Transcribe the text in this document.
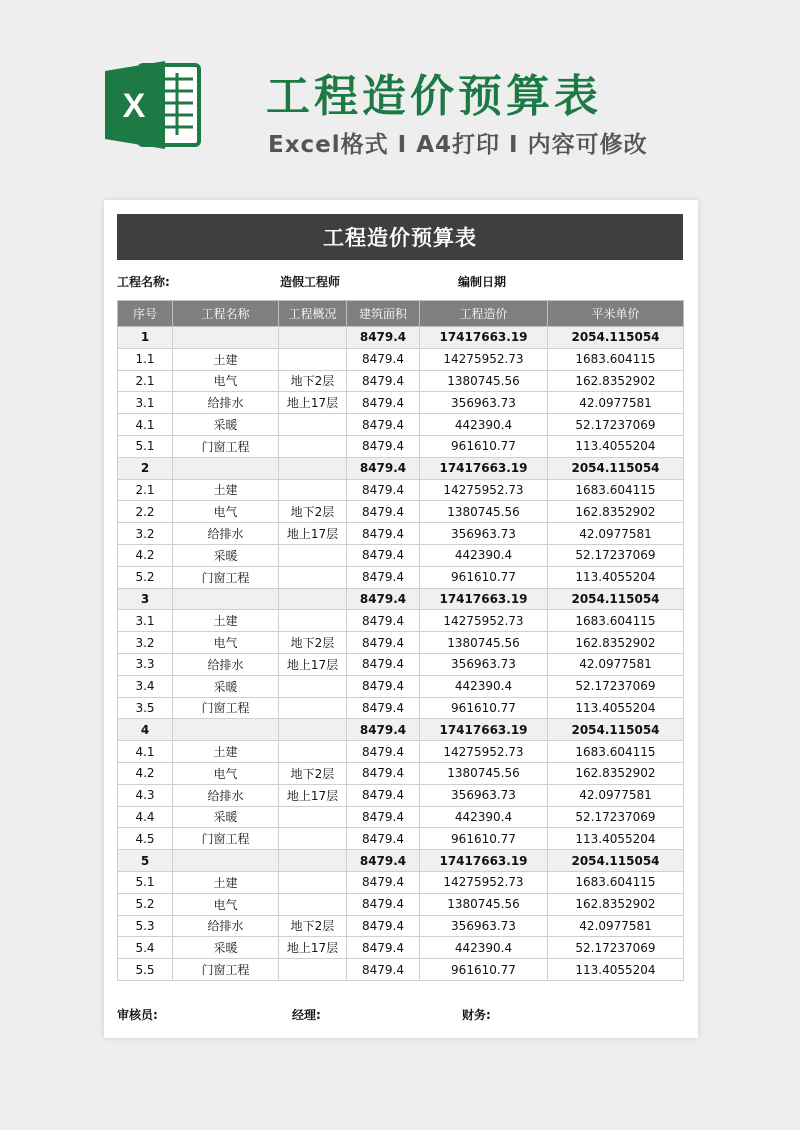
X	工程造价预算表
Excel格式 I A4打印 I 内容可修改
工程造价预算表
工程名称:	造假工程师	编制日期
序号	工程名称	工程概况	建筑面积	工程造价	平米单价
1			8479.4	17417663.19	2054.115054
1.1	土建		8479.4	14275952.73	1683.604115
2.1	电气	地下2层	8479.4	1380745.56	162.8352902
3.1	给排水	地上17层	8479.4	356963.73	42.0977581
4.1	采暖		8479.4	442390.4	52.17237069
5.1	门窗工程		8479.4	961610.77	113.4055204
2			8479.4	17417663.19	2054.115054
2.1	土建		8479.4	14275952.73	1683.604115
2.2	电气	地下2层	8479.4	1380745.56	162.8352902
3.2	给排水	地上17层	8479.4	356963.73	42.0977581
4.2	采暖		8479.4	442390.4	52.17237069
5.2	门窗工程		8479.4	961610.77	113.4055204
3			8479.4	17417663.19	2054.115054
3.1	土建		8479.4	14275952.73	1683.604115
3.2	电气	地下2层	8479.4	1380745.56	162.8352902
3.3	给排水	地上17层	8479.4	356963.73	42.0977581
3.4	采暖		8479.4	442390.4	52.17237069
3.5	门窗工程		8479.4	961610.77	113.4055204
4			8479.4	17417663.19	2054.115054
4.1	土建		8479.4	14275952.73	1683.604115
4.2	电气	地下2层	8479.4	1380745.56	162.8352902
4.3	给排水	地上17层	8479.4	356963.73	42.0977581
4.4	采暖		8479.4	442390.4	52.17237069
4.5	门窗工程		8479.4	961610.77	113.4055204
5			8479.4	17417663.19	2054.115054
5.1	土建		8479.4	14275952.73	1683.604115
5.2	电气		8479.4	1380745.56	162.8352902
5.3	给排水	地下2层	8479.4	356963.73	42.0977581
5.4	采暖	地上17层	8479.4	442390.4	52.17237069
5.5	门窗工程		8479.4	961610.77	113.4055204
审核员:	经理:	财务:
